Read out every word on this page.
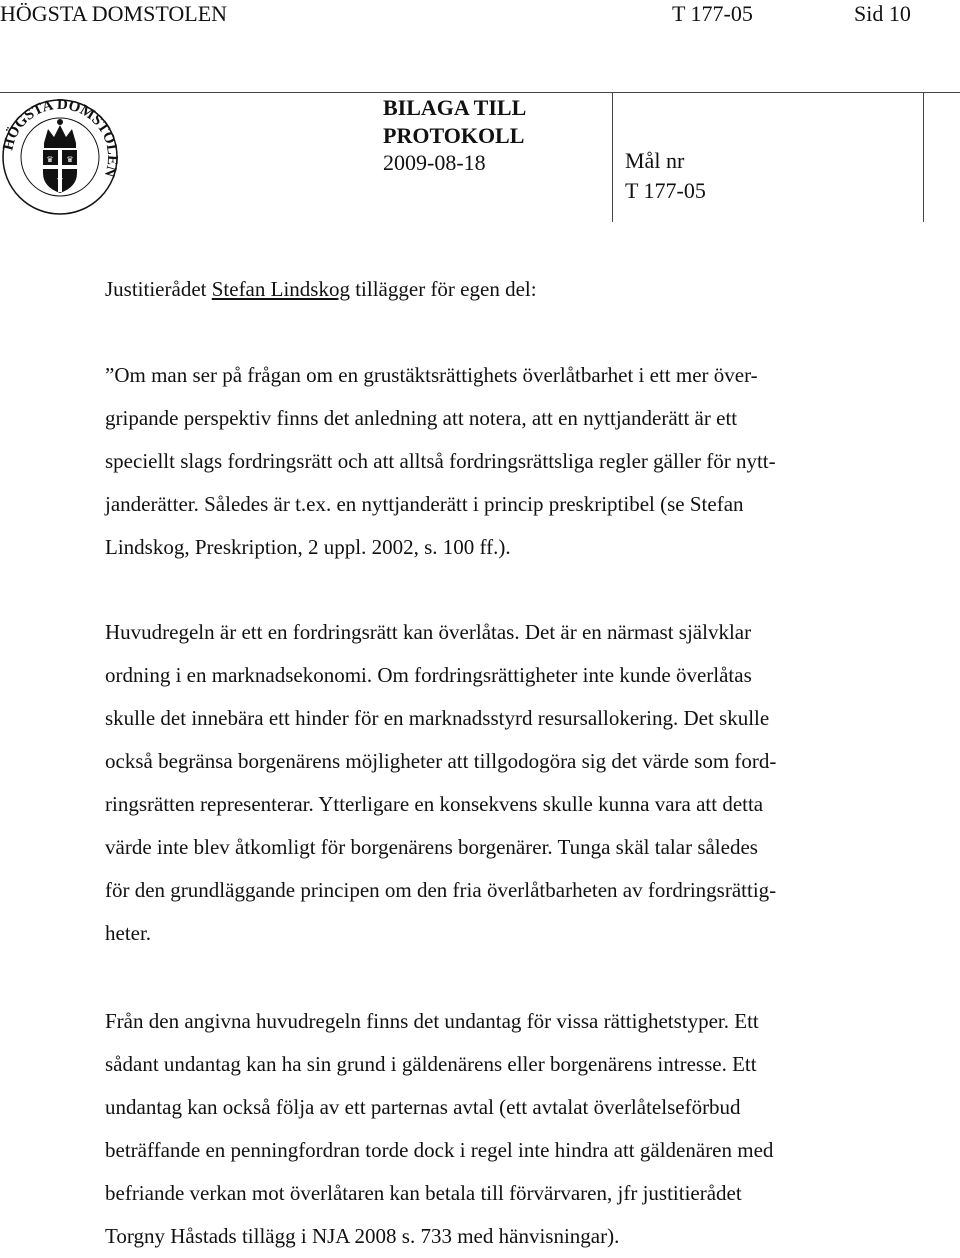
HÖGSTA DOMSTOLEN	T 177-05	Sid 10
HÖGSTA DOMSTOLEN
♛ ♛
♛
BILAGA TILL
PROTOKOLL
2009-08-18	Mål nr
T 177-05
Justitierådet Stefan Lindskog tillägger för egen del:
”Om man ser på frågan om en grustäktsrättighets överlåtbarhet i ett mer över-
gripande perspektiv finns det anledning att notera, att en nyttjanderätt är ett
speciellt slags fordringsrätt och att alltså fordringsrättsliga regler gäller för nytt-
janderätter. Således är t.ex. en nyttjanderätt i princip preskriptibel (se Stefan
Lindskog, Preskription, 2 uppl. 2002, s. 100 ff.).
Huvudregeln är ett en fordringsrätt kan överlåtas. Det är en närmast självklar
ordning i en marknadsekonomi. Om fordringsrättigheter inte kunde överlåtas
skulle det innebära ett hinder för en marknadsstyrd resursallokering. Det skulle
också begränsa borgenärens möjligheter att tillgodogöra sig det värde som ford-
ringsrätten representerar. Ytterligare en konsekvens skulle kunna vara att detta
värde inte blev åtkomligt för borgenärens borgenärer. Tunga skäl talar således
för den grundläggande principen om den fria överlåtbarheten av fordringsrättig-
heter.
Från den angivna huvudregeln finns det undantag för vissa rättighetstyper. Ett
sådant undantag kan ha sin grund i gäldenärens eller borgenärens intresse. Ett
undantag kan också följa av ett parternas avtal (ett avtalat överlåtelseförbud
beträffande en penningfordran torde dock i regel inte hindra att gäldenären med
befriande verkan mot överlåtaren kan betala till förvärvaren, jfr justitierådet
Torgny Håstads tillägg i NJA 2008 s. 733 med hänvisningar).
